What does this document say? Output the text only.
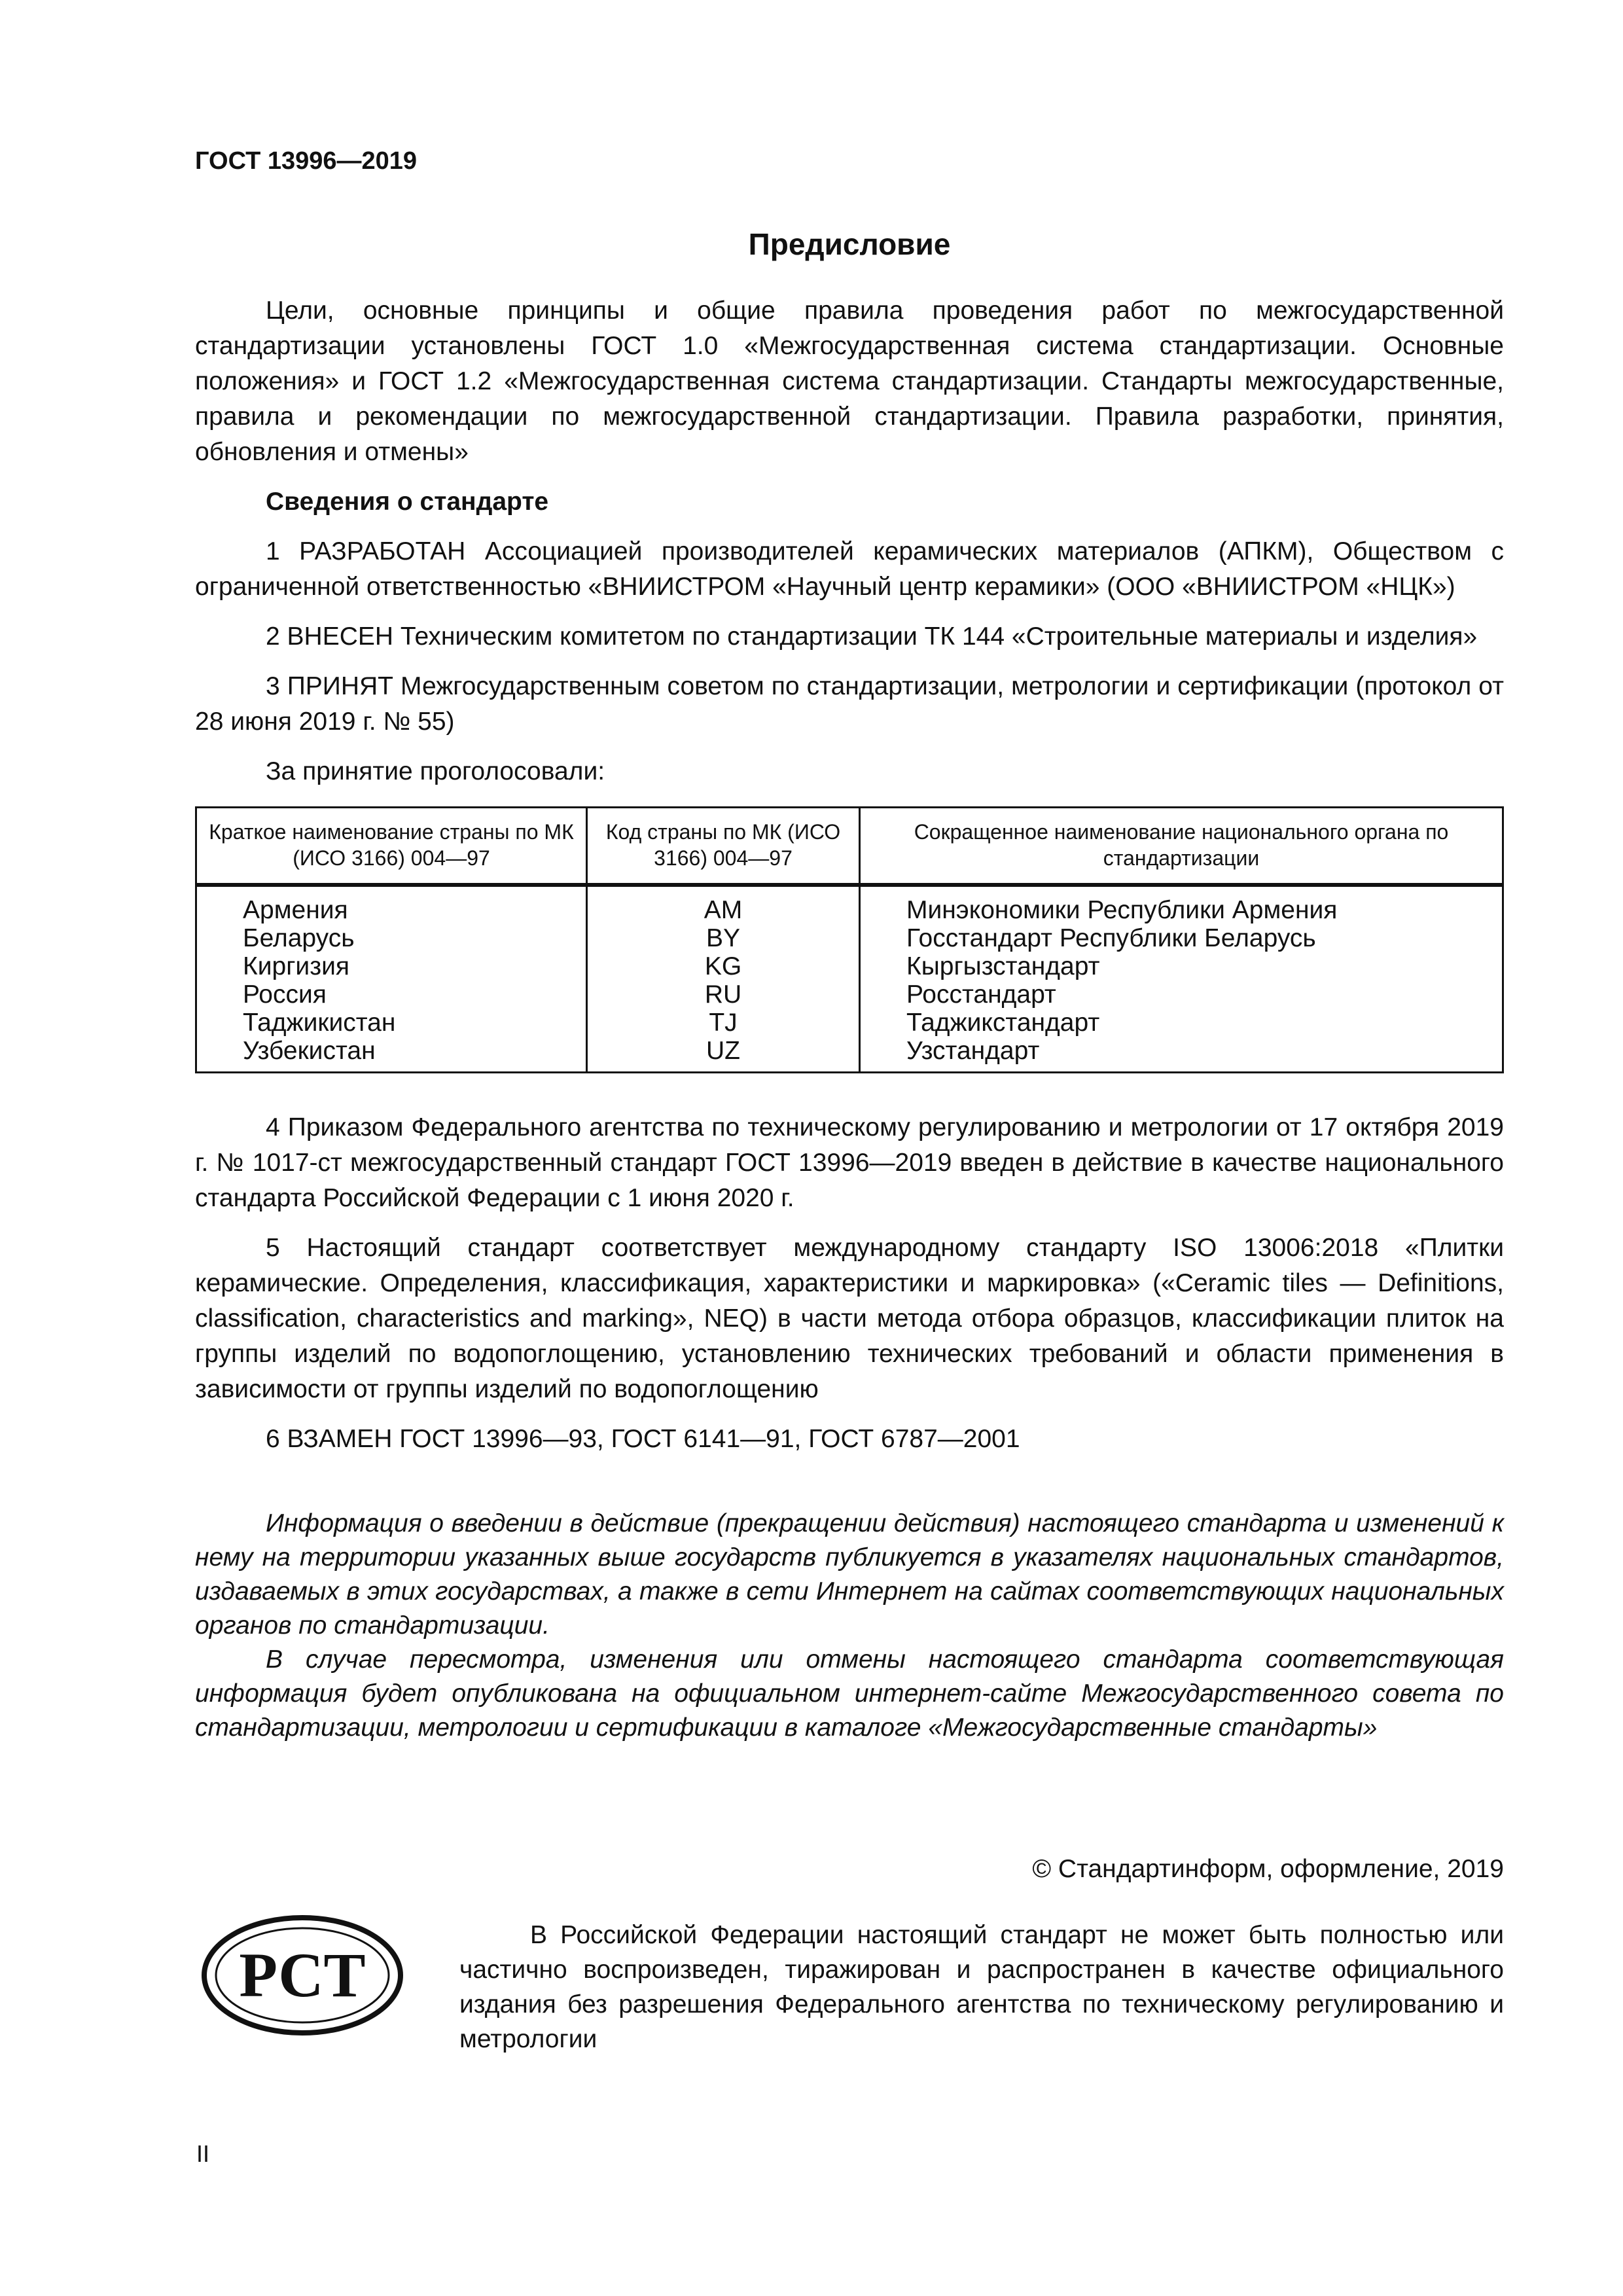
ГОСТ 13996—2019
Предисловие

Цели, основные принципы и общие правила проведения работ по межгосударственной стандартизации установлены ГОСТ 1.0 «Межгосударственная система стандартизации. Основные положения» и ГОСТ 1.2 «Межгосударственная система стандартизации. Стандарты межгосударственные, правила и рекомендации по межгосударственной стандартизации. Правила разработки, принятия, обновления и отмены»

Сведения о стандарте

1 РАЗРАБОТАН Ассоциацией производителей керамических материалов (АПКМ), Обществом с ограниченной ответственностью «ВНИИСТРОМ «Научный центр керамики» (ООО «ВНИИСТРОМ «НЦК»)

2 ВНЕСЕН Техническим комитетом по стандартизации ТК 144 «Строительные материалы и изделия»

3 ПРИНЯТ Межгосударственным советом по стандартизации, метрологии и сертификации (протокол от 28 июня 2019 г. № 55)

За принятие проголосовали:

Краткое наименование страны по МК (ИСО 3166) 004—97	Код страны по МК (ИСО 3166) 004—97	Сокращенное наименование национального органа по стандартизации
Армения	AM	Минэкономики Республики Армения
Беларусь	BY	Госстандарт Республики Беларусь
Киргизия	KG	Кыргызстандарт
Россия	RU	Росстандарт
Таджикистан	TJ	Таджикстандарт
Узбекистан	UZ	Узстандарт

4 Приказом Федерального агентства по техническому регулированию и метрологии от 17 октября 2019 г. № 1017-ст межгосударственный стандарт ГОСТ 13996—2019 введен в действие в качестве национального стандарта Российской Федерации с 1 июня 2020 г.

5 Настоящий стандарт соответствует международному стандарту ISO 13006:2018 «Плитки керамические. Определения, классификация, характеристики и маркировка» («Ceramic tiles — Definitions, classification, characteristics and marking», NEQ) в части метода отбора образцов, классификации плиток на группы изделий по водопоглощению, установлению технических требований и области применения в зависимости от группы изделий по водопоглощению

6 ВЗАМЕН ГОСТ 13996—93, ГОСТ 6141—91, ГОСТ 6787—2001

Информация о введении в действие (прекращении действия) настоящего стандарта и изменений к нему на территории указанных выше государств публикуется в указателях национальных стандартов, издаваемых в этих государствах, а также в сети Интернет на сайтах соответствующих национальных органов по стандартизации.

В случае пересмотра, изменения или отмены настоящего стандарта соответствующая информация будет опубликована на официальном интернет-сайте Межгосударственного совета по стандартизации, метрологии и сертификации в каталоге «Межгосударственные стандарты»

© Стандартинформ, оформление, 2019
РСТ

В Российской Федерации настоящий стандарт не может быть полностью или частично воспроизведен, тиражирован и распространен в качестве официального издания без разрешения Федерального агентства по техническому регулированию и метрологии

II
